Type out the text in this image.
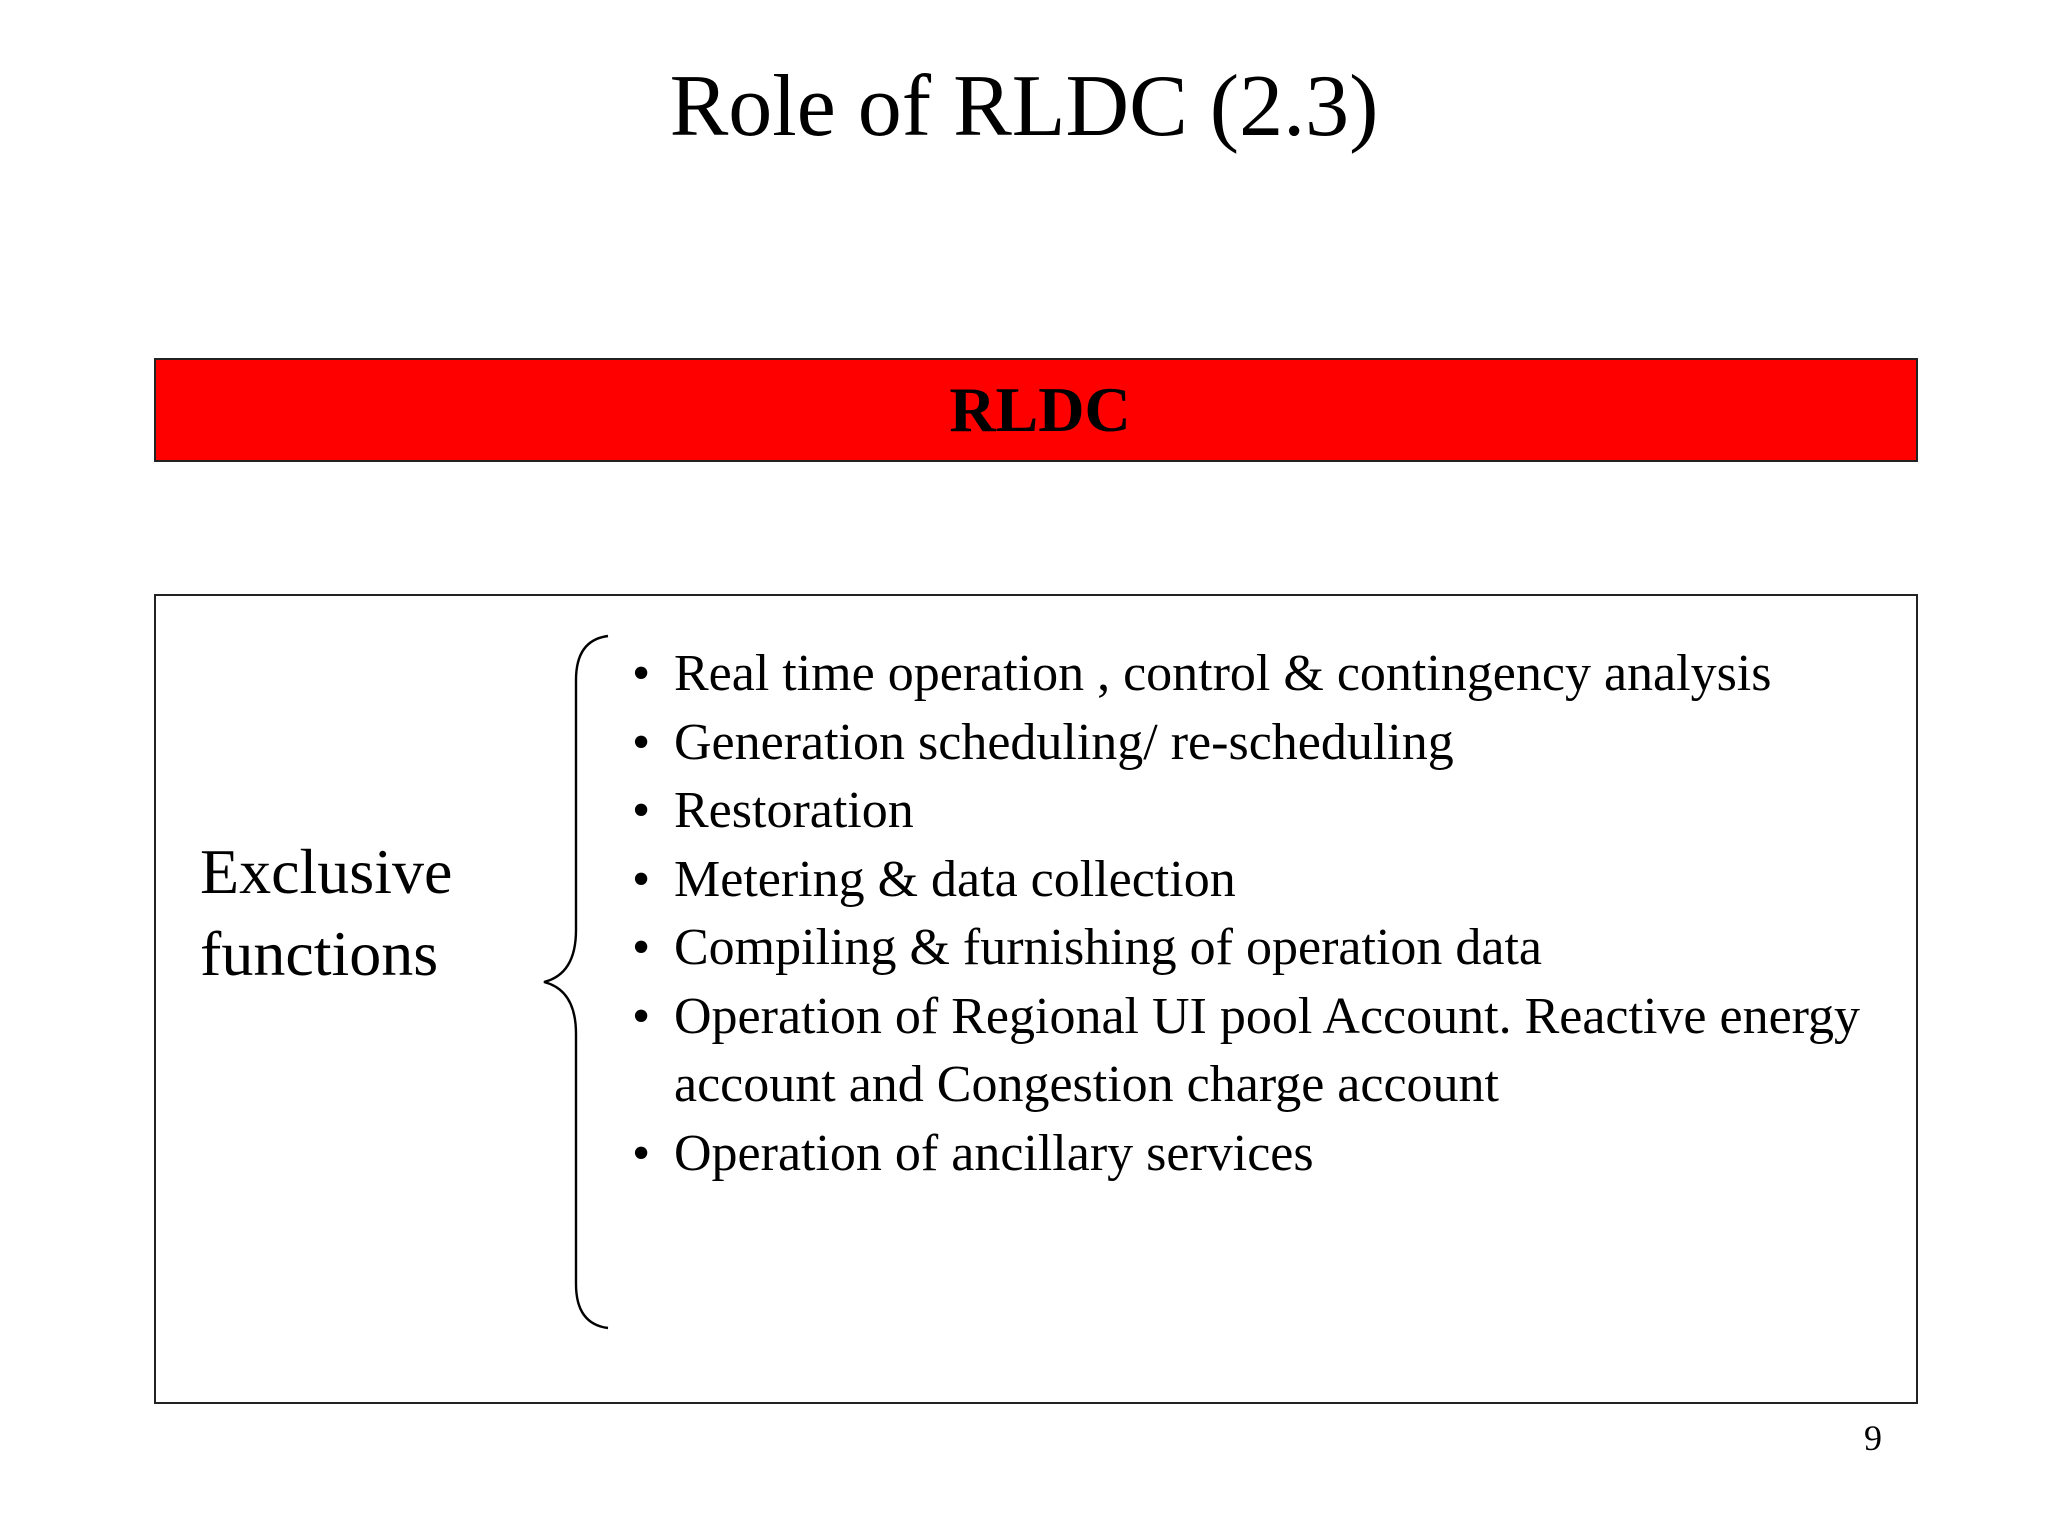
Role of RLDC (2.3)
RLDC
Exclusive
functions
• Real time operation , control & contingency analysis
• Generation scheduling/ re-scheduling
• Restoration
• Metering & data collection
• Compiling & furnishing of operation data
• Operation of Regional UI pool Account. Reactive energy account and Congestion charge account
• Operation of ancillary services
9
